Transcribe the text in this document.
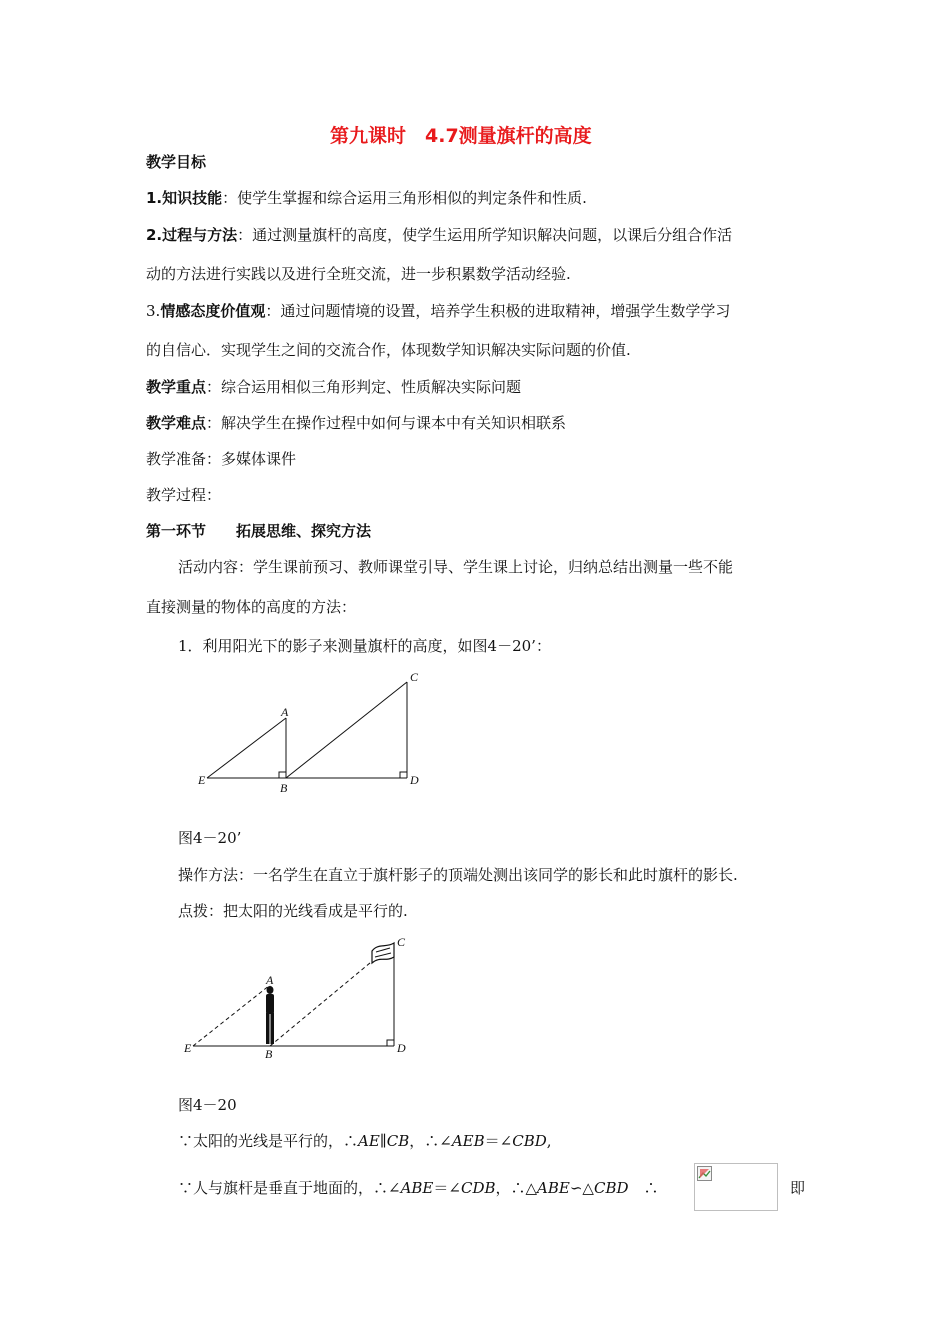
第九课时　4.7测量旗杆的高度
教学目标
1.知识技能：使学生掌握和综合运用三角形相似的判定条件和性质.
2.过程与方法：通过测量旗杆的高度，使学生运用所学知识解决问题，以课后分组合作活
动的方法进行实践以及进行全班交流，进一步积累数学活动经验.
3.情感态度价值观：通过问题情境的设置，培养学生积极的进取精神，增强学生数学学习
的自信心．实现学生之间的交流合作，体现数学知识解决实际问题的价值.
教学重点：综合运用相似三角形判定、性质解决实际问题
教学难点：解决学生在操作过程中如何与课本中有关知识相联系
教学准备：多媒体课件
教学过程：
第一环节　　拓展思维、探究方法
活动内容：学生课前预习、教师课堂引导、学生课上讨论，归纳总结出测量一些不能
直接测量的物体的高度的方法：
1．利用阳光下的影子来测量旗杆的高度，如图4－20’：
A
B
C
D
E
图4－20’
操作方法：一名学生在直立于旗杆影子的顶端处测出该同学的影长和此时旗杆的影长.
点拨：把太阳的光线看成是平行的.
A
B
C
D
E
图4－20
∵太阳的光线是平行的，∴AE∥CB，∴∠AEB＝∠CBD,
∵人与旗杆是垂直于地面的，∴∠ABE＝∠CDB，∴△ABE∽△CBD　∴	即
